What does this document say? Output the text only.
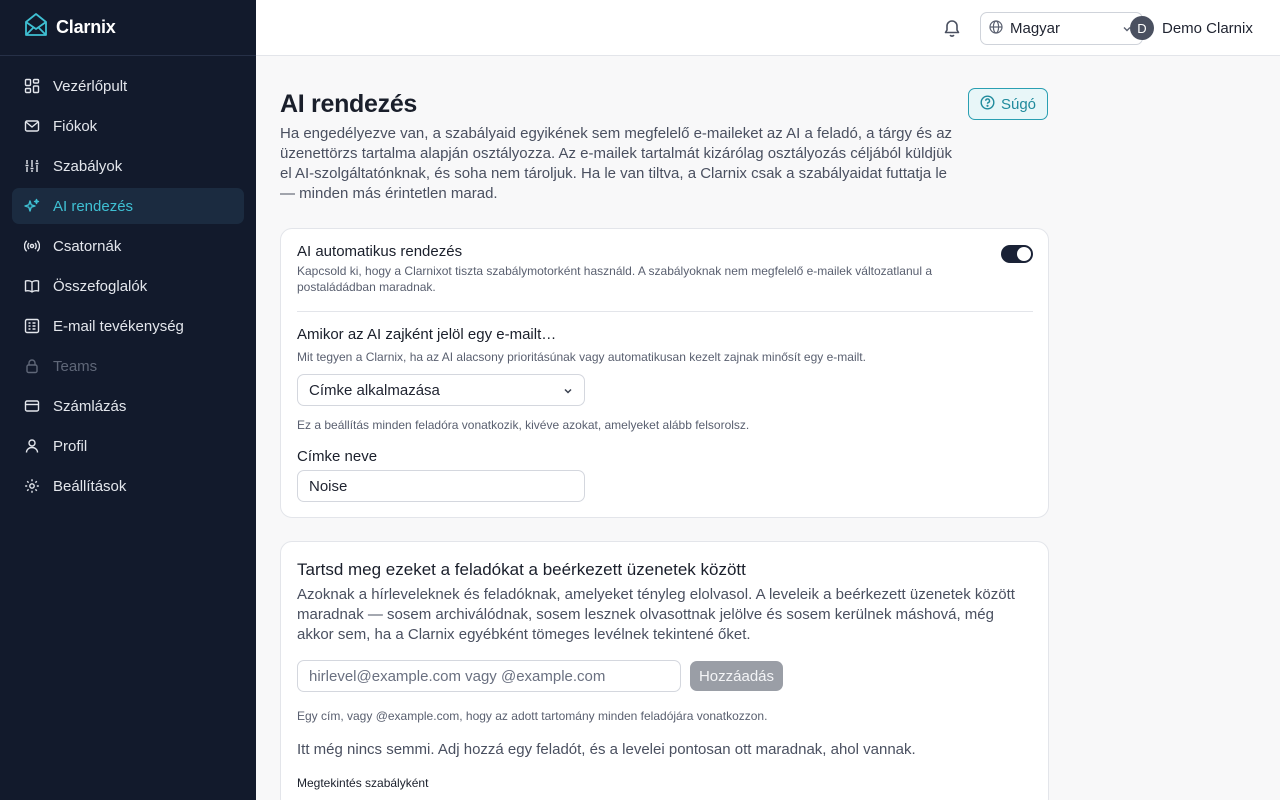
Clarnix
Vezérlőpult
Fiókok
Szabályok
AI rendezés
Csatornák
Összefoglalók
E-mail tevékenység
Teams
Számlázás
Profil
Beállítások
Magyar	D	Demo Clarnix
AI rendezés	Súgó

Ha engedélyezve van, a szabályaid egyikének sem megfelelő e-maileket az AI a feladó, a tárgy és az üzenettörzs tartalma alapján osztályozza. Az e-mailek tartalmát kizárólag osztályozás céljából küldjük el AI-szolgáltatónknak, és soha nem tároljuk. Ha le van tiltva, a Clarnix csak a szabályaidat futtatja le — minden más érintetlen marad.

AI automatikus rendezés
Kapcsold ki, hogy a Clarnixot tiszta szabálymotorként használd. A szabályoknak nem megfelelő e-mailek változatlanul a postaládádban maradnak.
Amikor az AI zajként jelöl egy e-mailt…
Mit tegyen a Clarnix, ha az AI alacsony prioritásúnak vagy automatikusan kezelt zajnak minősít egy e-mailt.
Címke alkalmazása
Ez a beállítás minden feladóra vonatkozik, kivéve azokat, amelyeket alább felsorolsz.
Címke neve
Noise
Tartsd meg ezeket a feladókat a beérkezett üzenetek között

Azoknak a hírleveleknek és feladóknak, amelyeket tényleg elolvasol. A leveleik a beérkezett üzenetek között maradnak — sosem archiválódnak, sosem lesznek olvasottnak jelölve és sosem kerülnek máshová, még akkor sem, ha a Clarnix egyébként tömeges levélnek tekintené őket.

hirlevel@example.com vagy @example.com
Hozzáadás
Egy cím, vagy @example.com, hogy az adott tartomány minden feladójára vonatkozzon.
Itt még nincs semmi. Adj hozzá egy feladót, és a levelei pontosan ott maradnak, ahol vannak.
Megtekintés szabályként
